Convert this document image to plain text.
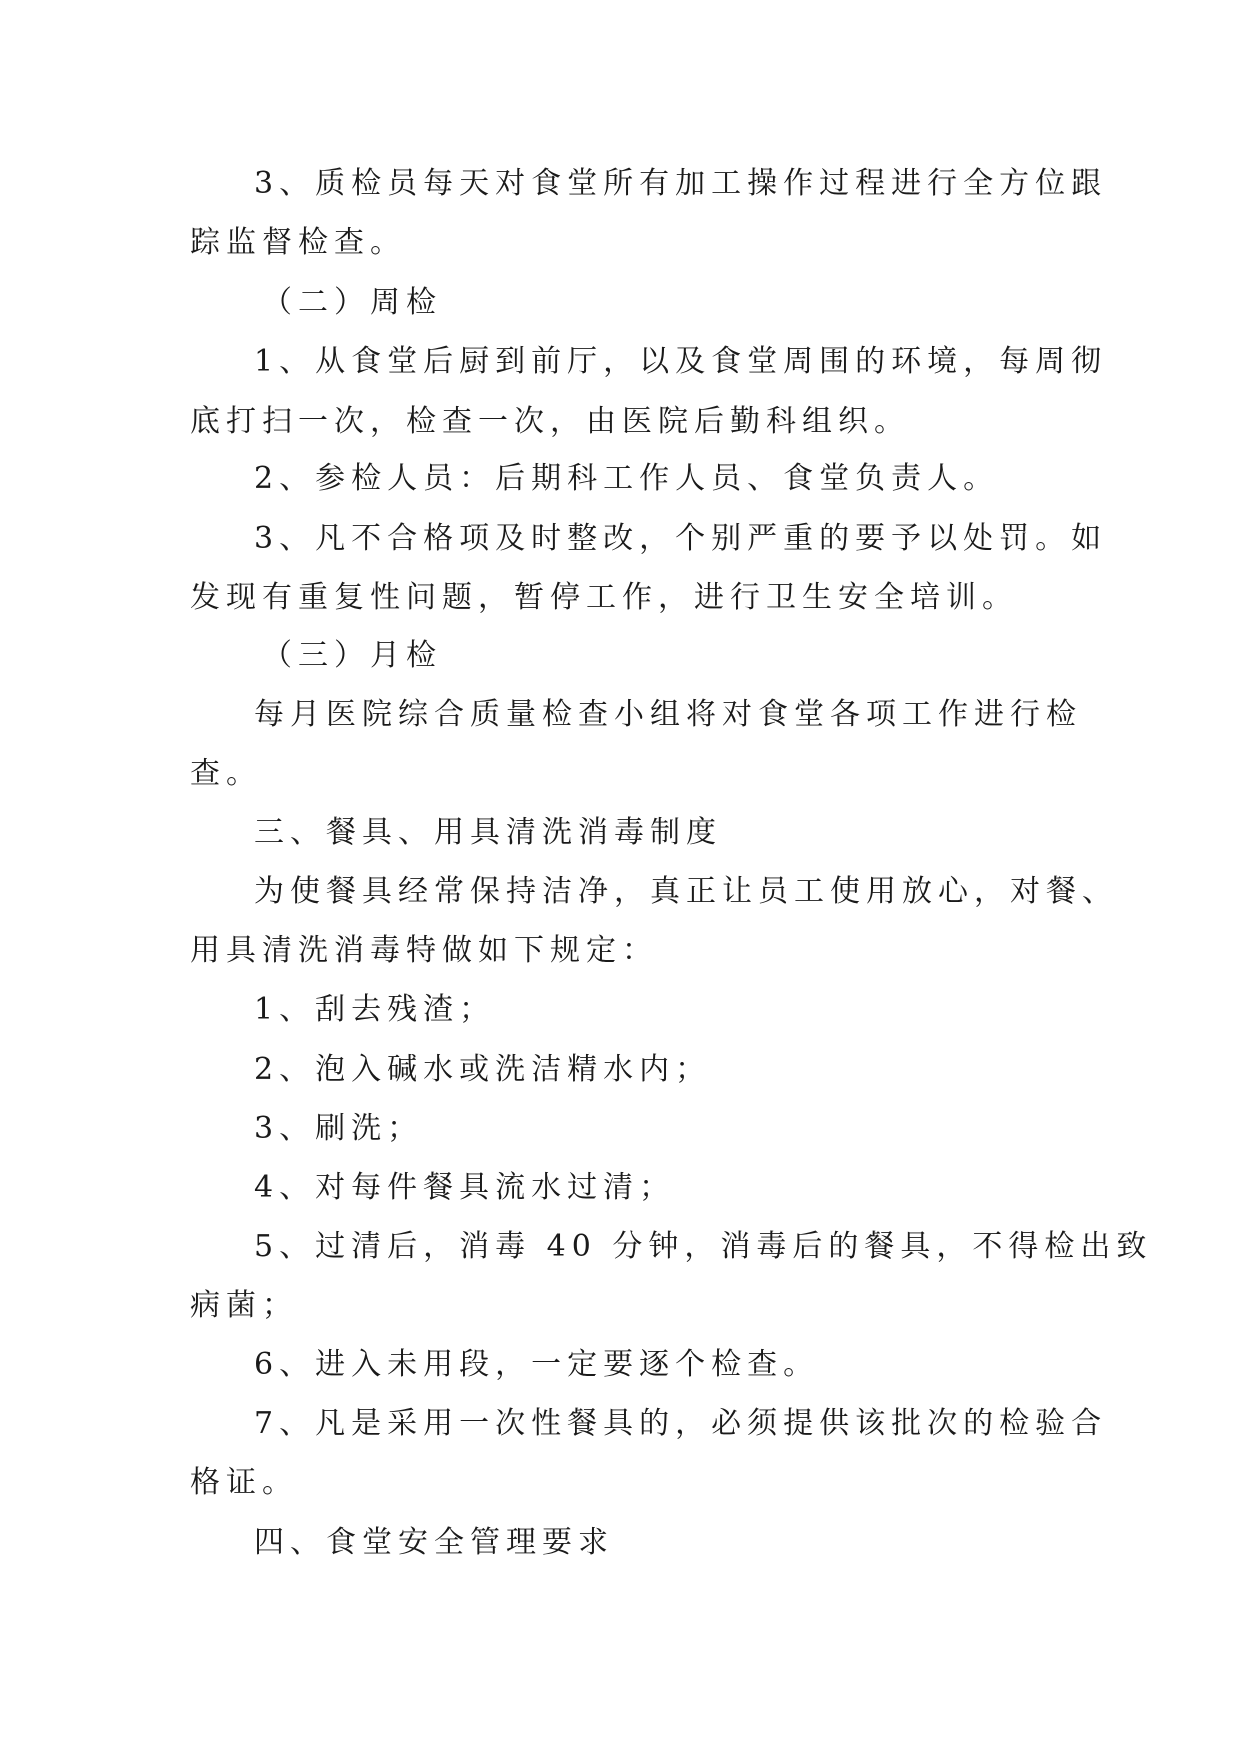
3、质检员每天对食堂所有加工操作过程进行全方位跟
踪监督检查。
（二）周检
1、从食堂后厨到前厅，以及食堂周围的环境，每周彻
底打扫一次，检查一次，由医院后勤科组织。
2、参检人员：后期科工作人员、食堂负责人。
3、凡不合格项及时整改，个别严重的要予以处罚。如
发现有重复性问题，暂停工作，进行卫生安全培训。
（三）月检
每月医院综合质量检查小组将对食堂各项工作进行检
查。
三、餐具、用具清洗消毒制度
为使餐具经常保持洁净，真正让员工使用放心，对餐、
用具清洗消毒特做如下规定：
1、刮去残渣；
2、泡入碱水或洗洁精水内；
3、刷洗；
4、对每件餐具流水过清；
5、过清后，消毒 40 分钟，消毒后的餐具，不得检出致
病菌；
6、进入未用段，一定要逐个检查。
7、凡是采用一次性餐具的，必须提供该批次的检验合
格证。
四、食堂安全管理要求
